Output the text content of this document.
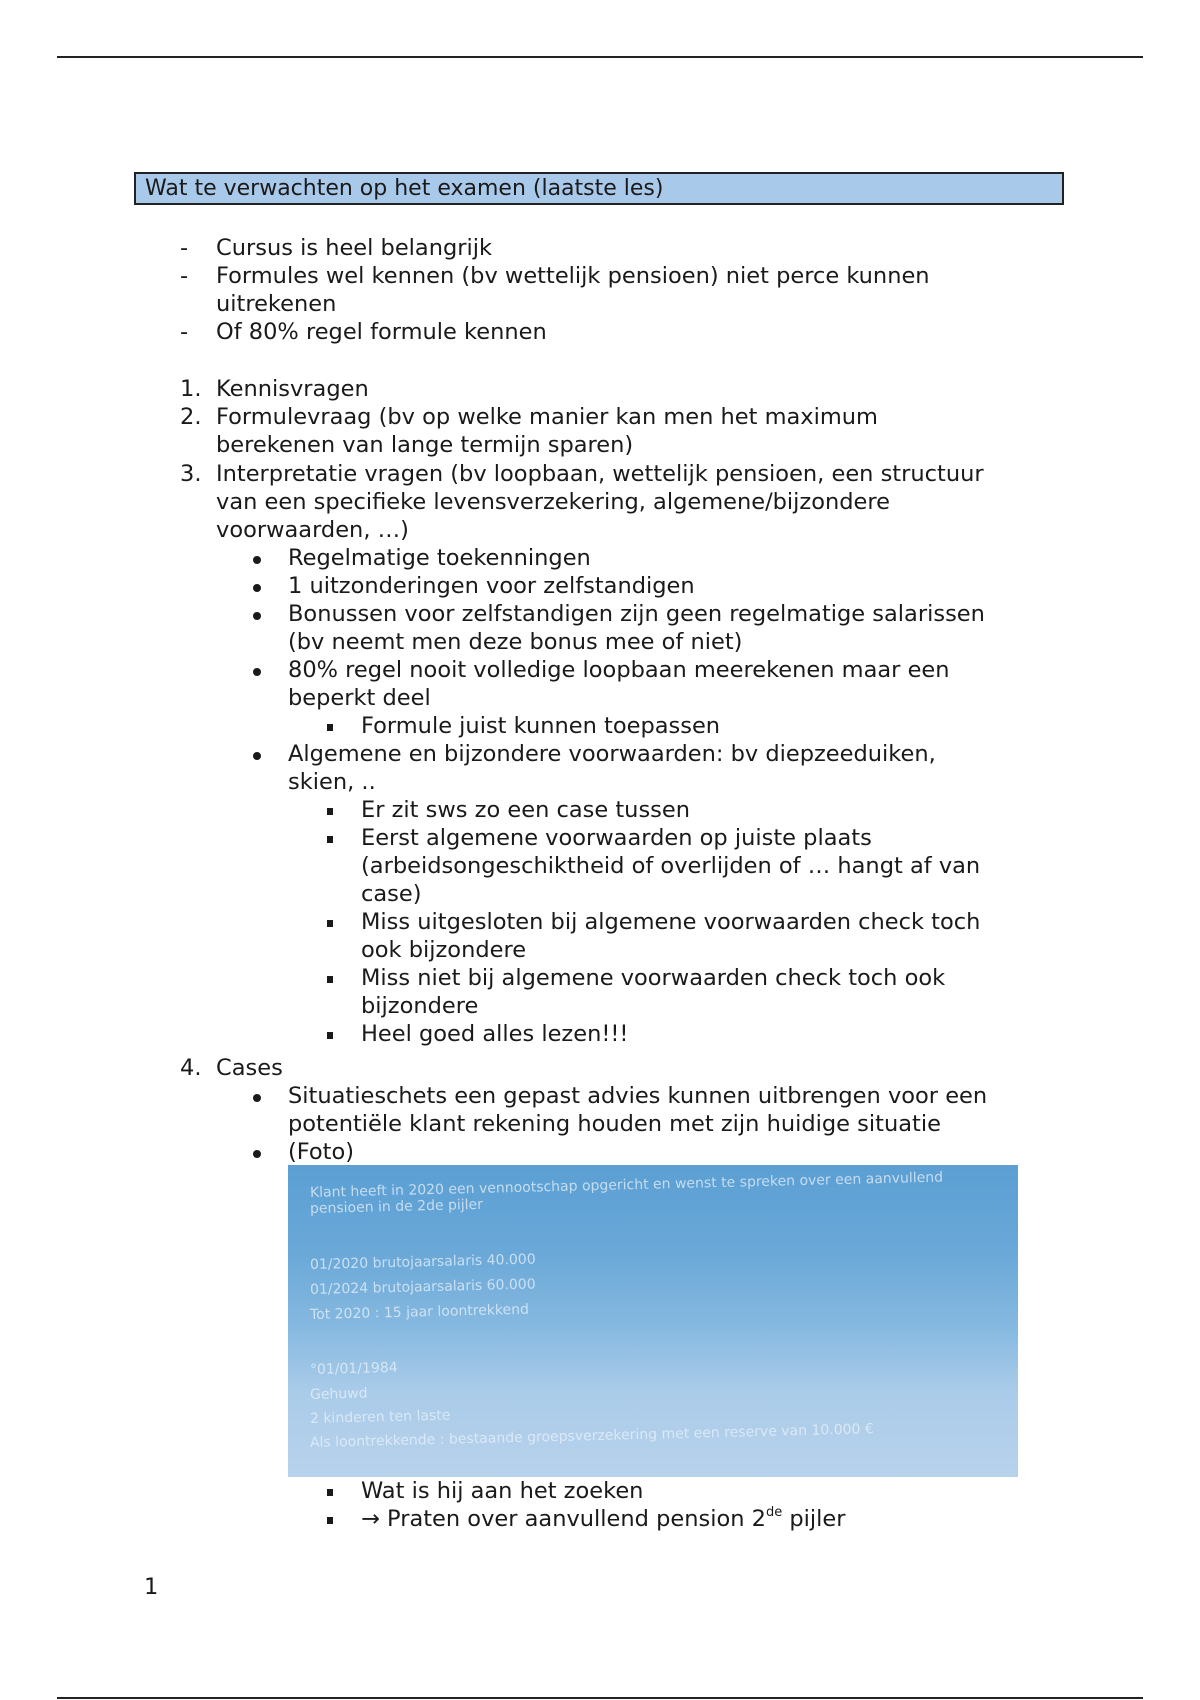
Wat te verwachten op het examen (laatste les)
- Cursus is heel belangrijk
- Formules wel kennen (bv wettelijk pensioen) niet perce kunnen
uitrekenen
- Of 80% regel formule kennen
1. Kennisvragen
2. Formulevraag (bv op welke manier kan men het maximum
berekenen van lange termijn sparen)
3. Interpretatie vragen (bv loopbaan, wettelijk pensioen, een structuur
van een specifieke levensverzekering, algemene/bijzondere
voorwaarden, …)
Regelmatige toekenningen
1 uitzonderingen voor zelfstandigen
Bonussen voor zelfstandigen zijn geen regelmatige salarissen
(bv neemt men deze bonus mee of niet)
80% regel nooit volledige loopbaan meerekenen maar een
beperkt deel
Formule juist kunnen toepassen
Algemene en bijzondere voorwaarden: bv diepzeeduiken,
skien, ..
Er zit sws zo een case tussen
Eerst algemene voorwaarden op juiste plaats
(arbeidsongeschiktheid of overlijden of … hangt af van
case)
Miss uitgesloten bij algemene voorwaarden check toch
ook bijzondere
Miss niet bij algemene voorwaarden check toch ook
bijzondere
Heel goed alles lezen!!!
4. Cases
Situatieschets een gepast advies kunnen uitbrengen voor een
potentiële klant rekening houden met zijn huidige situatie
(Foto)
Klant heeft in 2020 een vennootschap opgericht en wenst te spreken over een aanvullend
pensioen in de 2de pijler
01/2020 brutojaarsalaris 40.000
01/2024 brutojaarsalaris 60.000
Tot 2020 : 15 jaar loontrekkend
°01/01/1984
Gehuwd
2 kinderen ten laste
Als loontrekkende : bestaande groepsverzekering met een reserve van 10.000 €
Wat is hij aan het zoeken
→ Praten over aanvullend pension 2de pijler
1
